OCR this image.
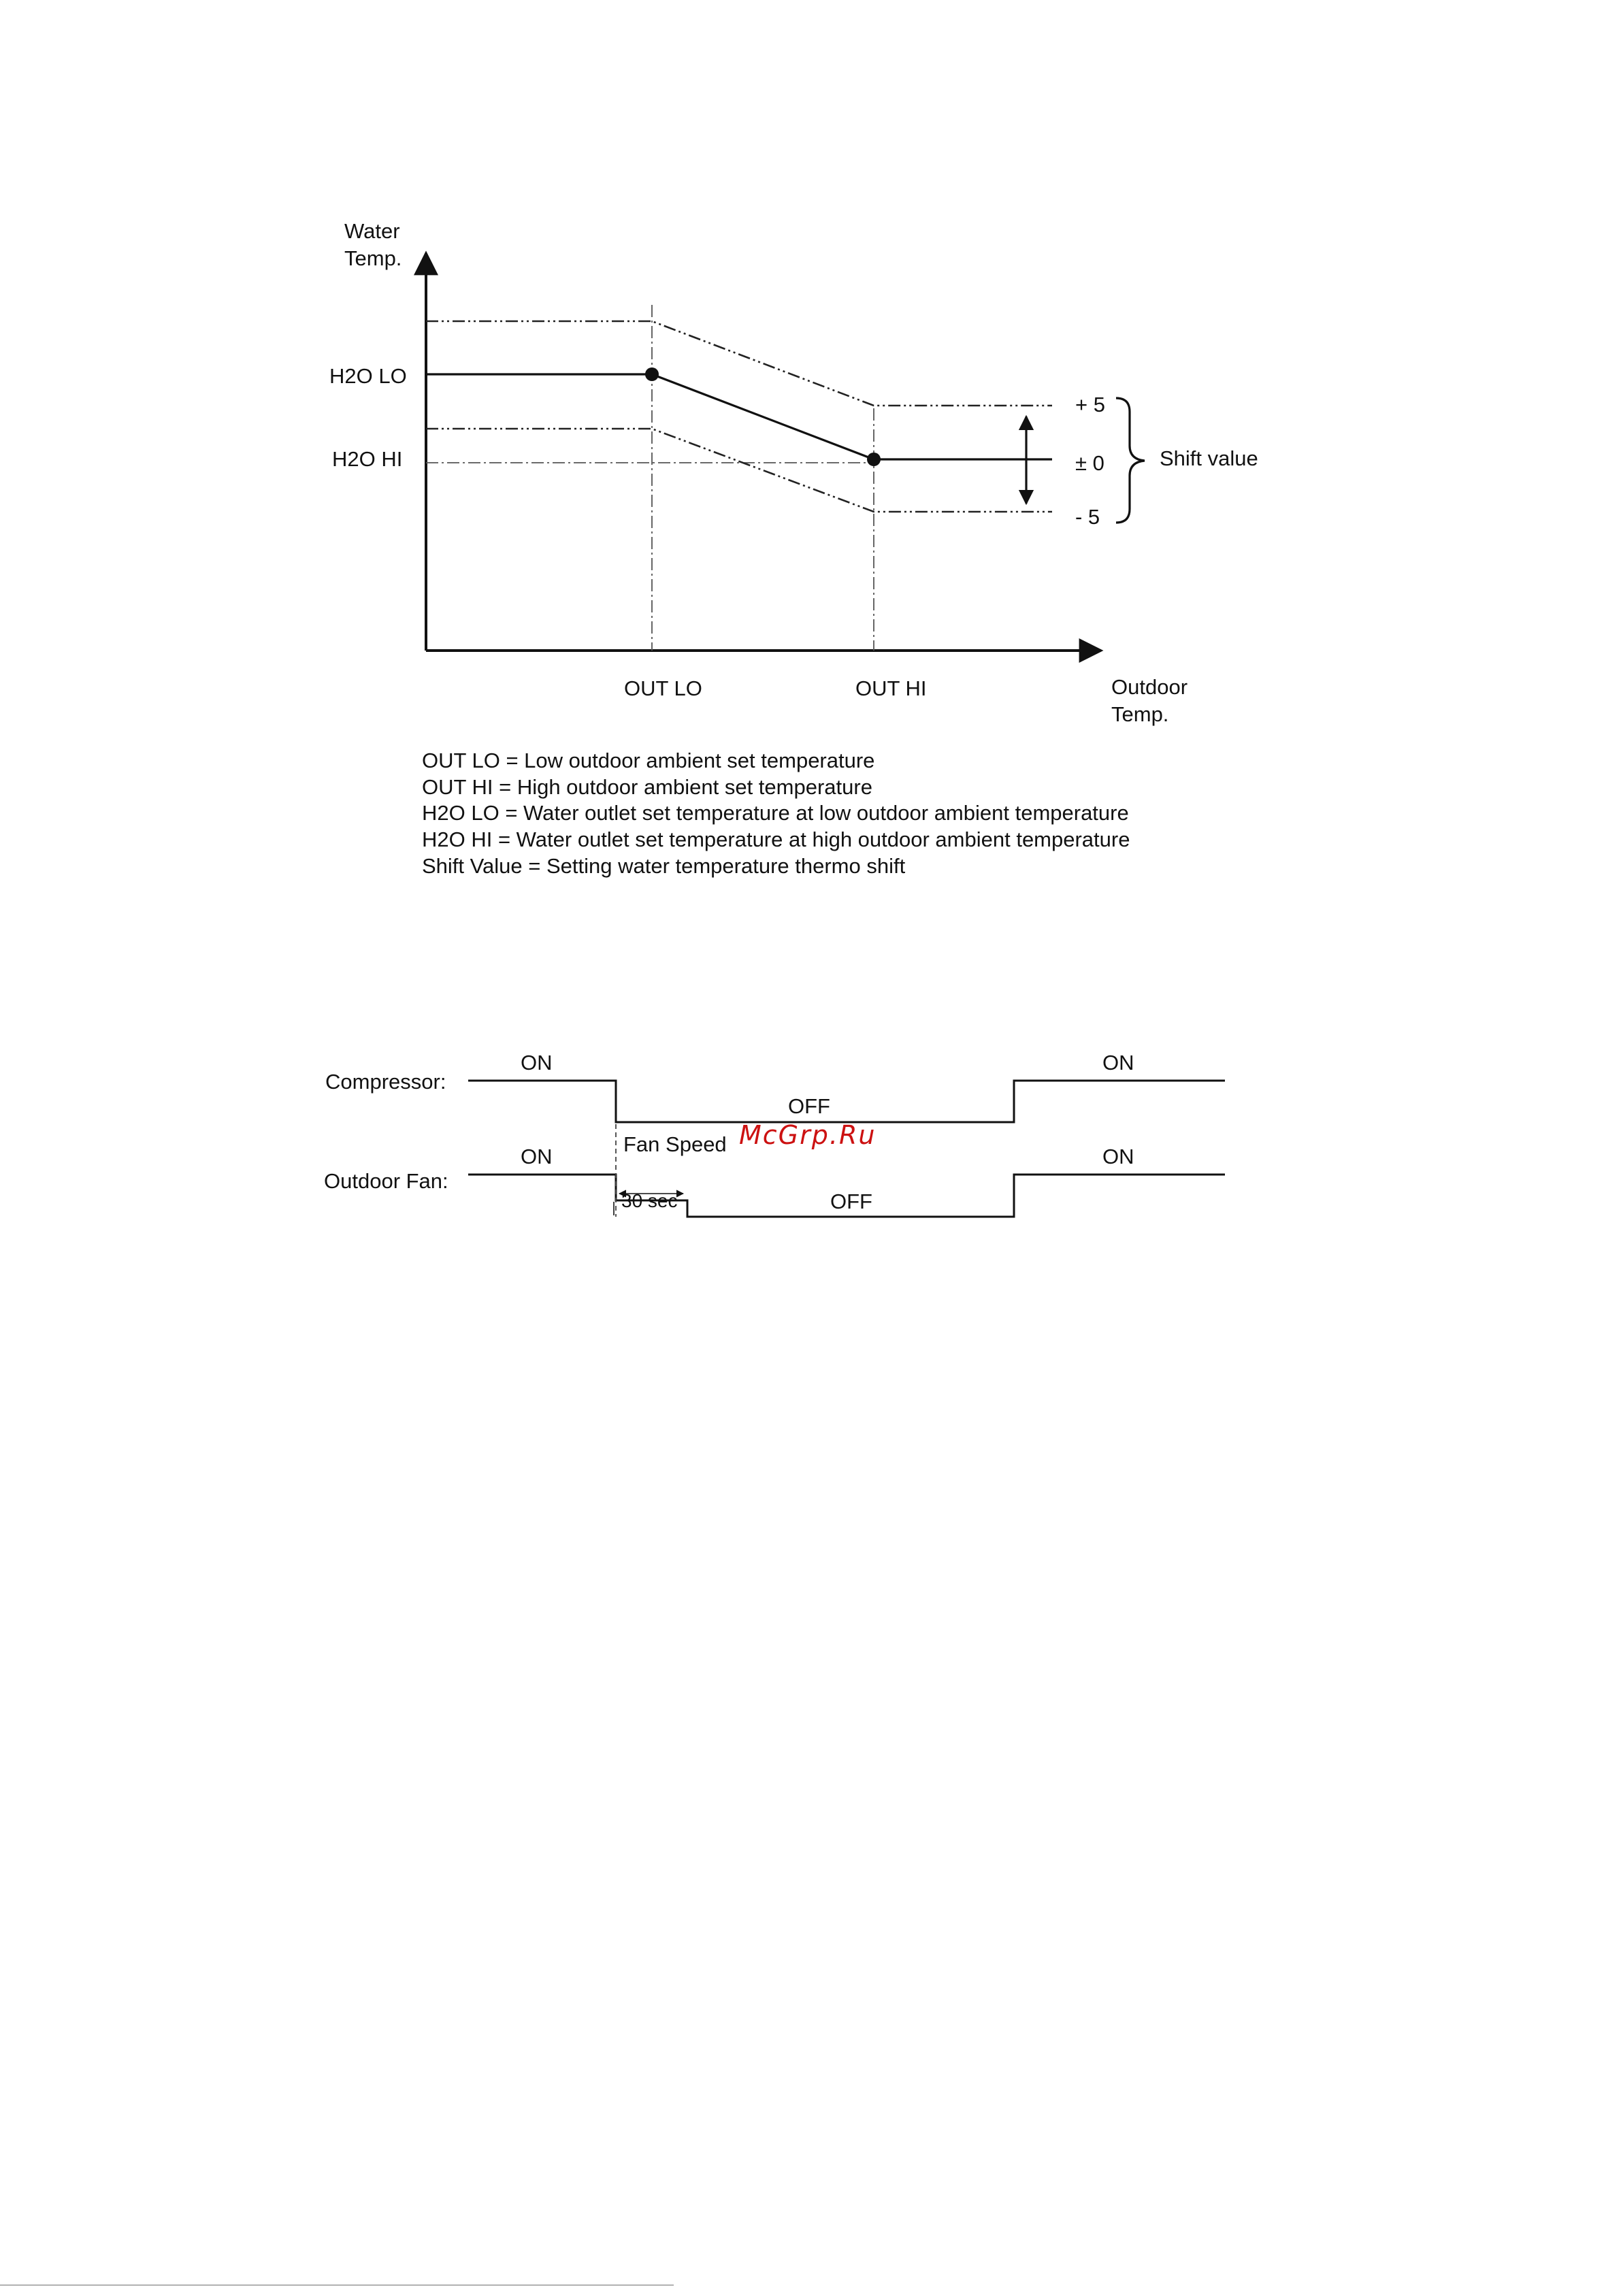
Water
Temp.
Outdoor
Temp.
H2O LO
H2O HI
OUT LO	OUT HI
+ 5
± 0
- 5
Shift value
OUT LO = Low outdoor ambient set temperature
OUT HI = High outdoor ambient set temperature
H2O LO = Water outlet set temperature at low outdoor ambient temperature
H2O HI = Water outlet set temperature at high outdoor ambient temperature
Shift Value = Setting water temperature thermo shift
Compressor:
ON
OFF
ON
Outdoor Fan:
ON
OFF
ON
Fan Speed
30 sec
McGrp.Ru
